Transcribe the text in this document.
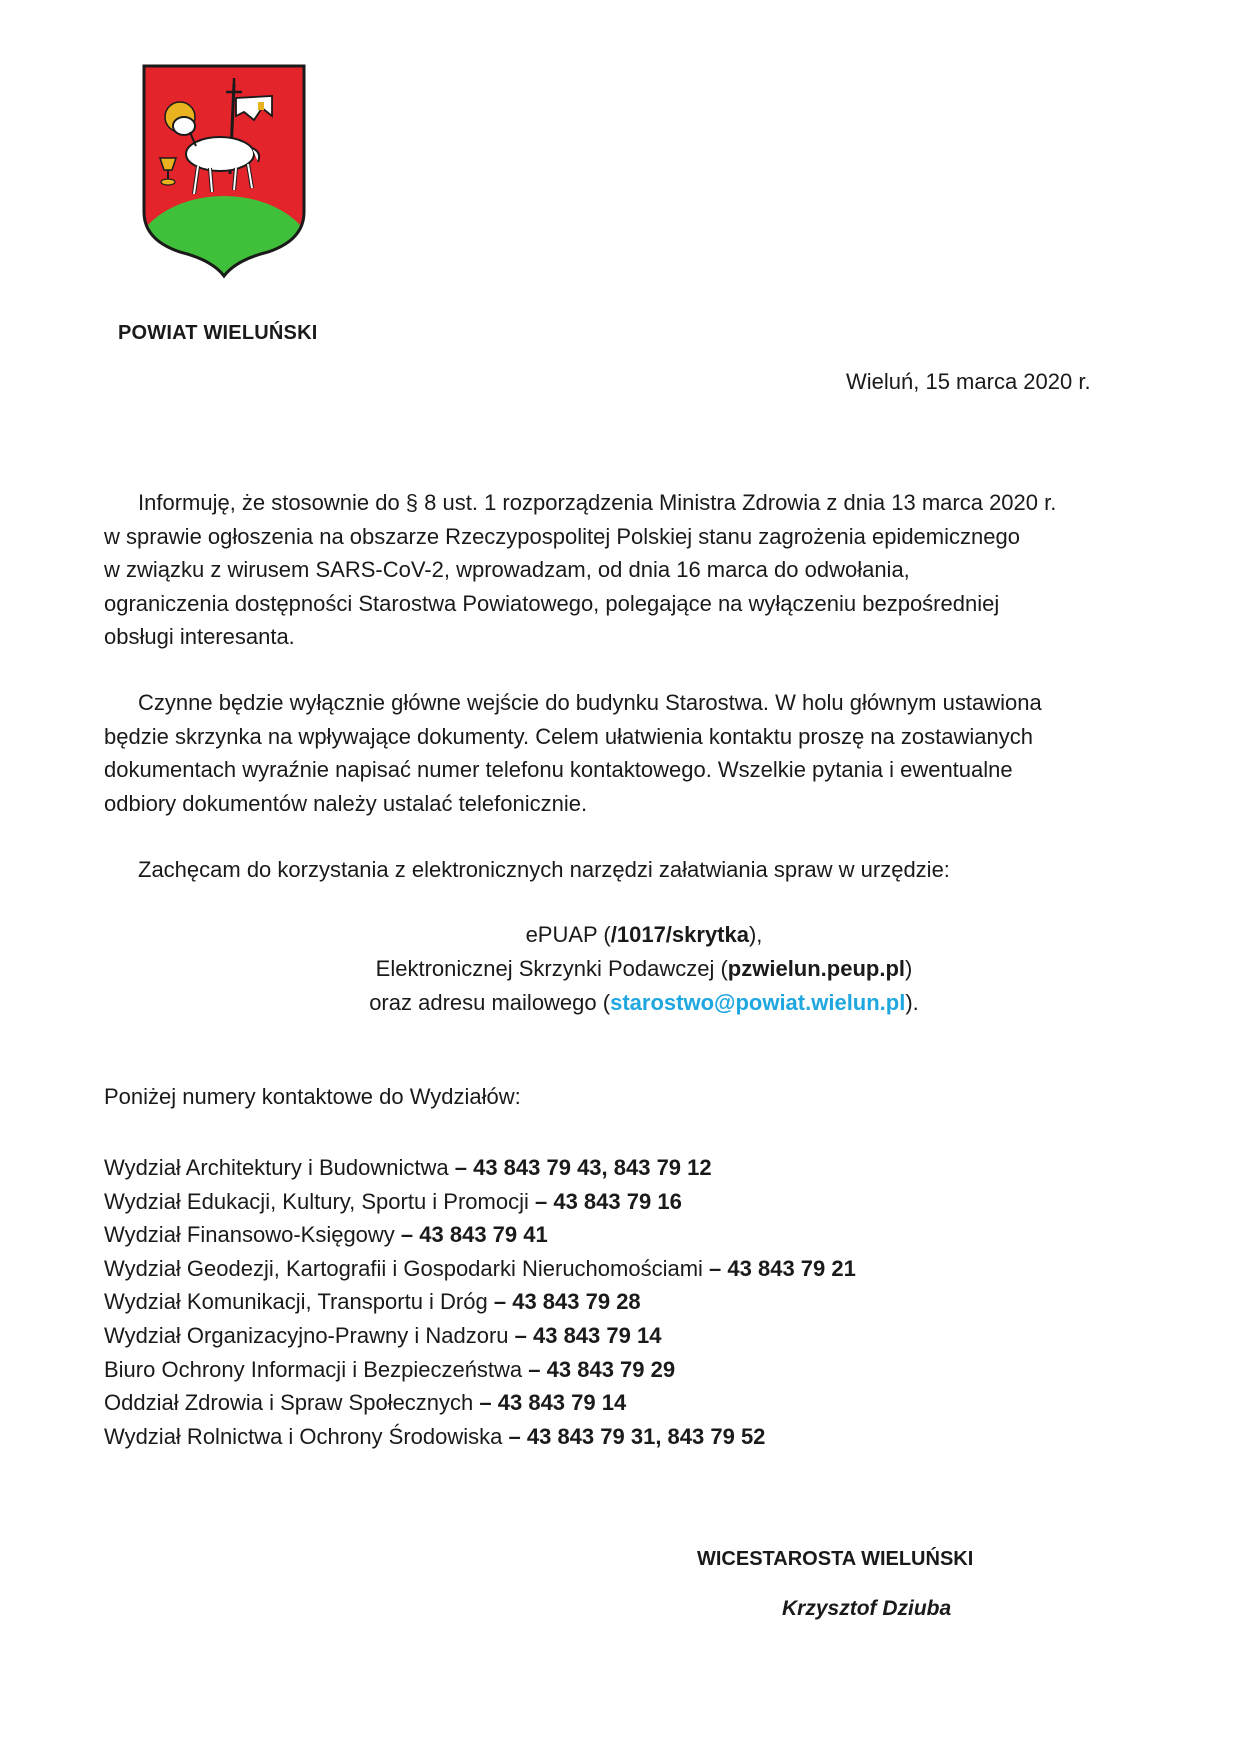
POWIAT WIELUŃSKI
Wieluń, 15 marca 2020 r.

Informuję, że stosownie do § 8 ust. 1 rozporządzenia Ministra Zdrowia z dnia 13 marca 2020 r.
w sprawie ogłoszenia na obszarze Rzeczypospolitej Polskiej stanu zagrożenia epidemicznego
w związku z wirusem SARS-CoV-2, wprowadzam, od dnia 16 marca do odwołania,
ograniczenia dostępności Starostwa Powiatowego, polegające na wyłączeniu bezpośredniej
obsługi interesanta.

Czynne będzie wyłącznie główne wejście do budynku Starostwa. W holu głównym ustawiona
będzie skrzynka na wpływające dokumenty. Celem ułatwienia kontaktu proszę na zostawianych
dokumentach wyraźnie napisać numer telefonu kontaktowego. Wszelkie pytania i ewentualne
odbiory dokumentów należy ustalać telefonicznie.

Zachęcam do korzystania z elektronicznych narzędzi załatwiania spraw w urzędzie:

ePUAP (/1017/skrytka),
Elektronicznej Skrzynki Podawczej (pzwielun.peup.pl)
oraz adresu mailowego (starostwo@powiat.wielun.pl).
Poniżej numery kontaktowe do Wydziałów:
Wydział Architektury i Budownictwa – 43 843 79 43, 843 79 12
Wydział Edukacji, Kultury, Sportu i Promocji – 43 843 79 16
Wydział Finansowo-Księgowy – 43 843 79 41
Wydział Geodezji, Kartografii i Gospodarki Nieruchomościami – 43 843 79 21
Wydział Komunikacji, Transportu i Dróg – 43 843 79 28
Wydział Organizacyjno-Prawny i Nadzoru – 43 843 79 14
Biuro Ochrony Informacji i Bezpieczeństwa – 43 843 79 29
Oddział Zdrowia i Spraw Społecznych – 43 843 79 14
Wydział Rolnictwa i Ochrony Środowiska – 43 843 79 31, 843 79 52
WICESTAROSTA WIELUŃSKI
Krzysztof Dziuba
